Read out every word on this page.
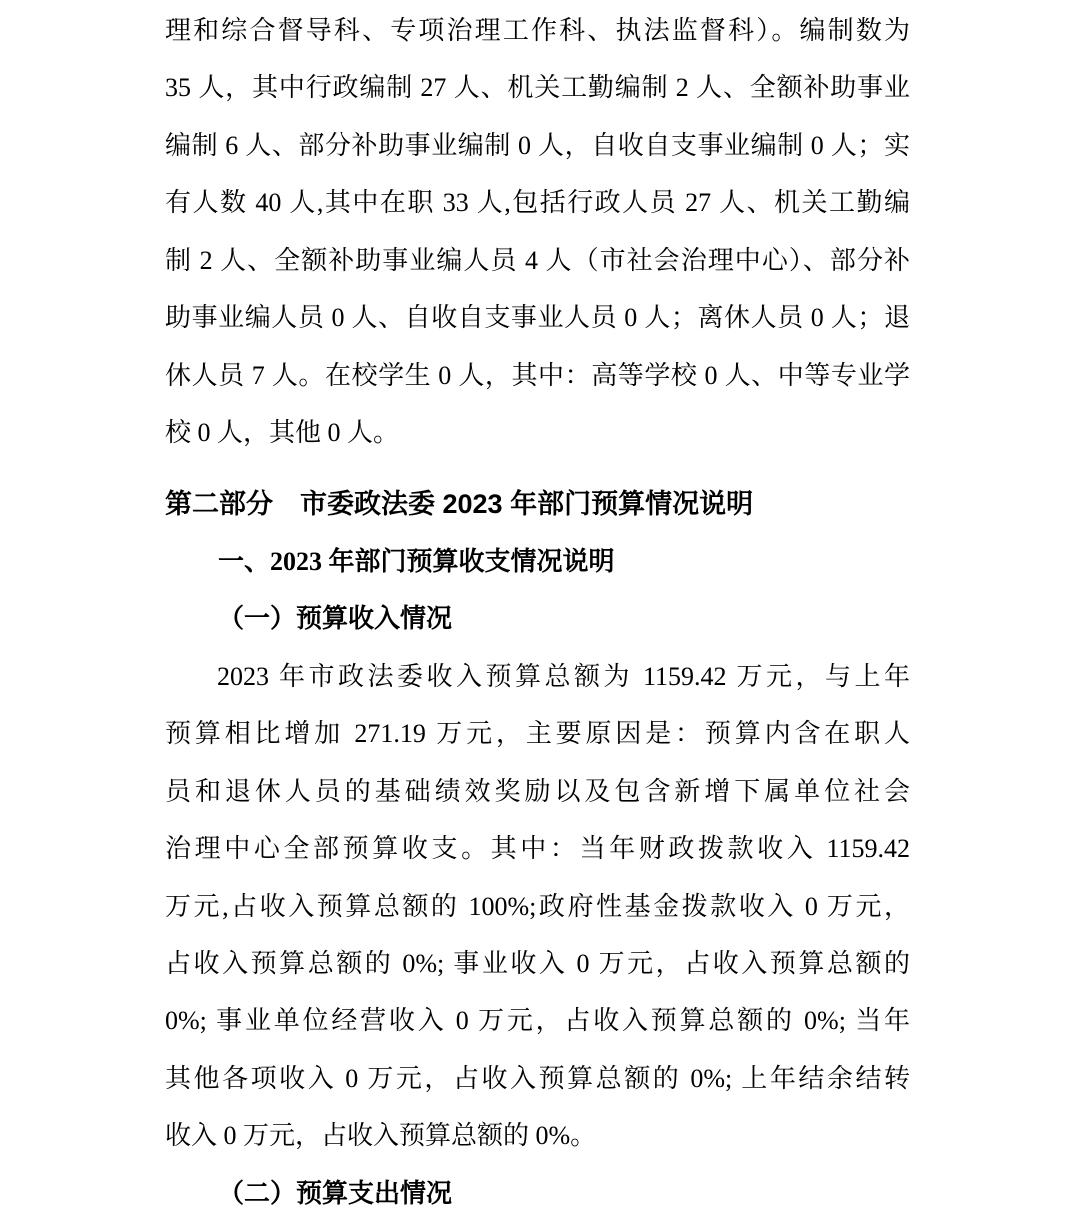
理和综合督导科、专项治理工作科、执法监督科）。编制数为
35 人，其中行政编制 27 人、机关工勤编制 2 人、全额补助事业
编制 6 人、部分补助事业编制 0 人，自收自支事业编制 0 人；实
有人数 40 人,其中在职 33 人,包括行政人员 27 人、机关工勤编
制 2 人、全额补助事业编人员 4 人（市社会治理中心）、部分补
助事业编人员 0 人、自收自支事业人员 0 人；离休人员 0 人；退
休人员 7 人。在校学生 0 人，其中：高等学校 0 人、中等专业学
校 0 人，其他 0 人。
第二部分　市委政法委 2023 年部门预算情况说明
一、2023 年部门预算收支情况说明
（一）预算收入情况
2023 年市政法委收入预算总额为 1159.42 万元，与上年
预算相比增加 271.19 万元，主要原因是：预算内含在职人
员和退休人员的基础绩效奖励以及包含新增下属单位社会
治理中心全部预算收支。其中：当年财政拨款收入 1159.42
万元,占收入预算总额的 100%;政府性基金拨款收入 0 万元，
占收入预算总额的 0%; 事业收入 0 万元，占收入预算总额的
0%; 事业单位经营收入 0 万元，占收入预算总额的 0%; 当年
其他各项收入 0 万元，占收入预算总额的 0%; 上年结余结转
收入 0 万元，占收入预算总额的 0%。
（二）预算支出情况
